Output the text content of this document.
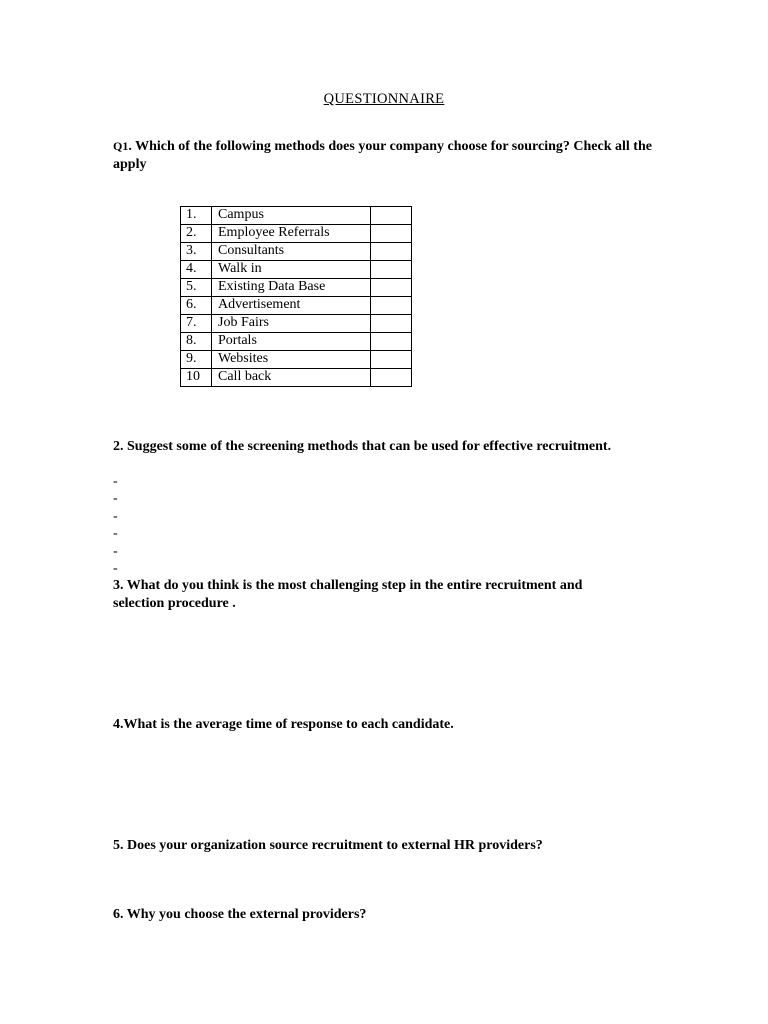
QUESTIONNAIRE
Q1. Which of the following methods does your company choose for sourcing? Check all the apply
1.	Campus	
2.	Employee Referrals	
3.	Consultants	
4.	Walk in	
5.	Existing Data Base	
6.	Advertisement	
7.	Job Fairs	
8.	Portals	
9.	Websites	
10	Call back	
2. Suggest some of the screening methods that can be used for effective recruitment.
-
-
-
-
-
-
3. What do you think is the most challenging step in the entire recruitment and selection procedure .
4.What is the average time of response to each candidate.
5. Does your organization source recruitment to external HR providers?
6. Why you choose the external providers?
